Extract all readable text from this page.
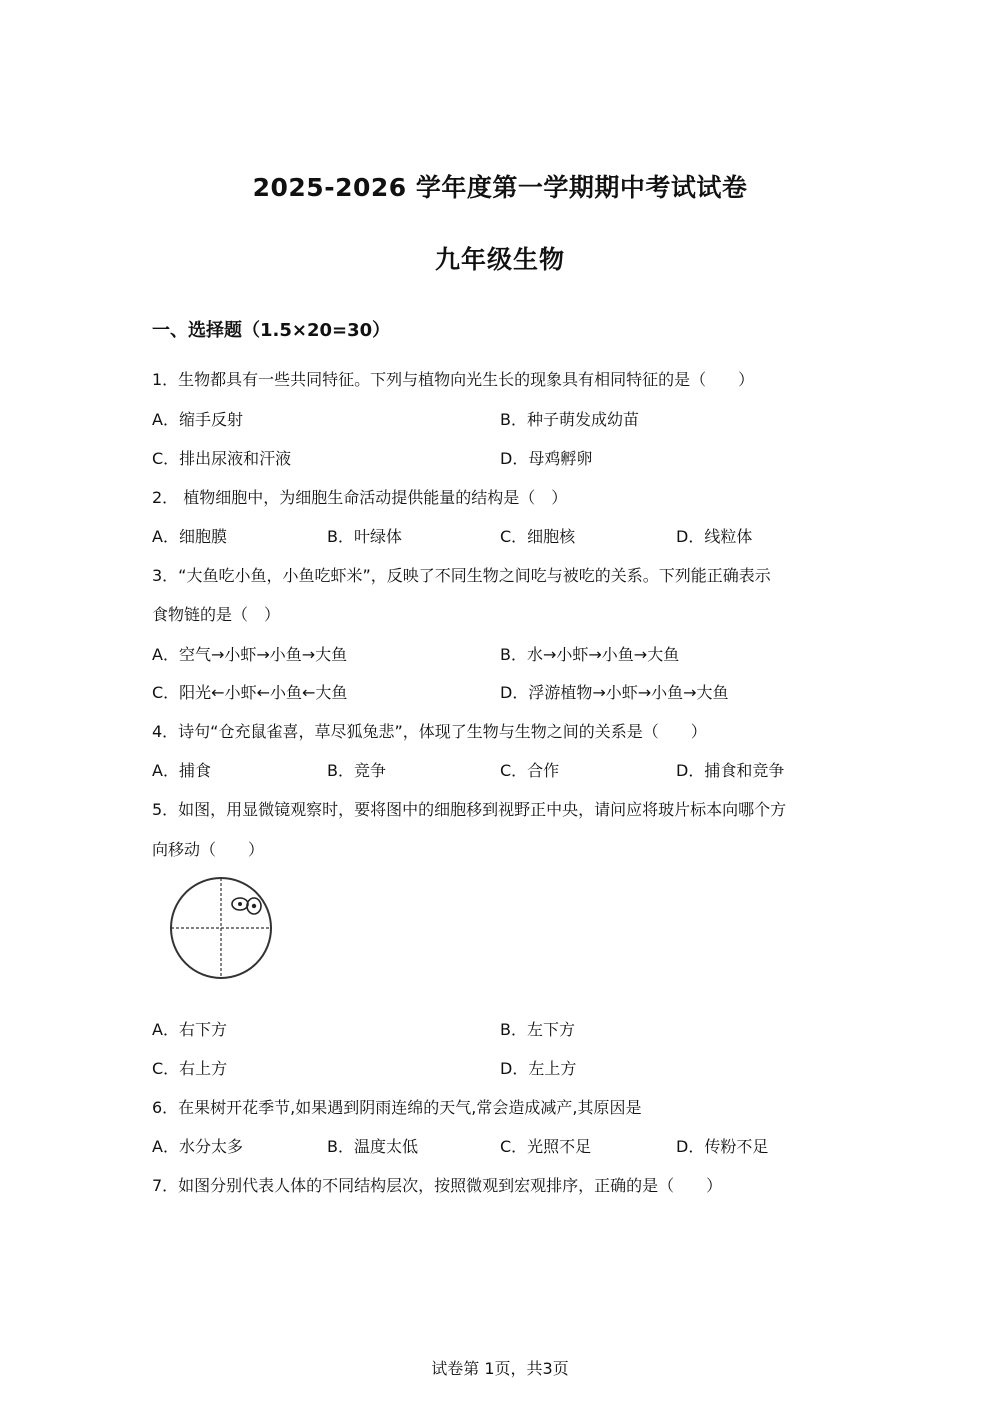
2025-2026 学年度第一学期期中考试试卷
九年级生物
一、选择题（1.5×20=30）
1．生物都具有一些共同特征。下列与植物向光生长的现象具有相同特征的是（　　）
A．缩手反射	B．种子萌发成幼苗
C．排出尿液和汗液	D．母鸡孵卵
2． 植物细胞中，为细胞生命活动提供能量的结构是（　）
A．细胞膜	B．叶绿体	C．细胞核	D．线粒体
3．“大鱼吃小鱼，小鱼吃虾米”，反映了不同生物之间吃与被吃的关系。下列能正确表示
食物链的是（　）
A．空气→小虾→小鱼→大鱼	B．水→小虾→小鱼→大鱼
C．阳光←小虾←小鱼←大鱼	D．浮游植物→小虾→小鱼→大鱼
4．诗句“仓充鼠雀喜，草尽狐兔悲”，体现了生物与生物之间的关系是（　　）
A．捕食	B．竞争	C．合作	D．捕食和竞争
5．如图，用显微镜观察时，要将图中的细胞移到视野正中央，请问应将玻片标本向哪个方
向移动（　　）
A．右下方	B．左下方
C．右上方	D．左上方
6．在果树开花季节,如果遇到阴雨连绵的天气,常会造成减产,其原因是
A．水分太多	B．温度太低	C．光照不足	D．传粉不足
7．如图分别代表人体的不同结构层次，按照微观到宏观排序，正确的是（　　）
试卷第 1页，共3页
